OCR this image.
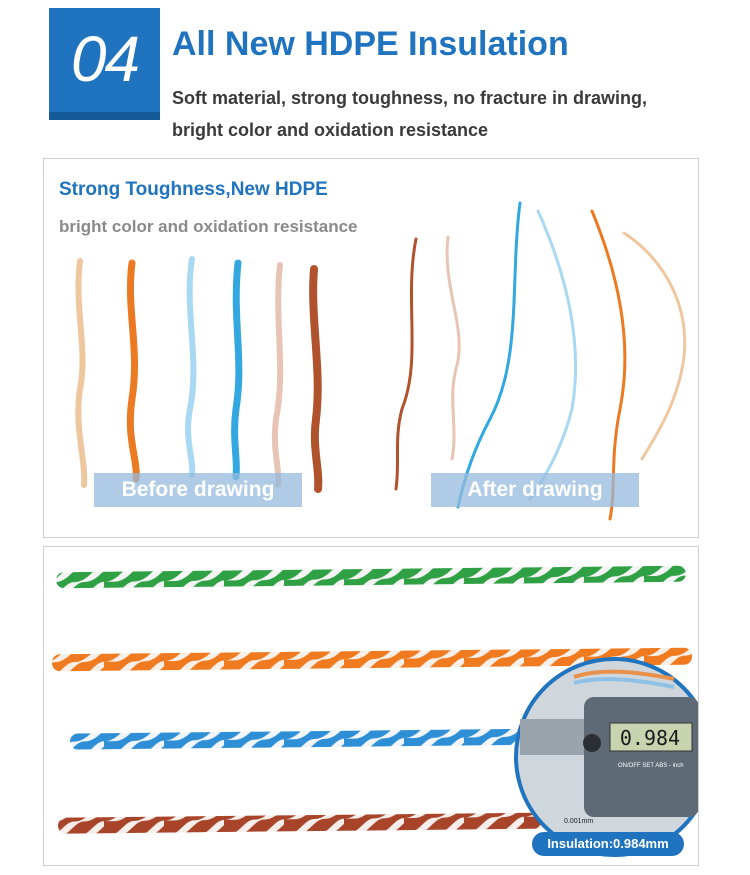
04 All New HDPE Insulation
Soft material, strong toughness, no fracture in drawing,
bright color and oxidation resistance
Strong Toughness,New HDPE
bright color and oxidation resistance
Before drawing	After drawing
0.984
ON/OFF SET ABS - inch
0.001mm
Insulation:0.984mm
